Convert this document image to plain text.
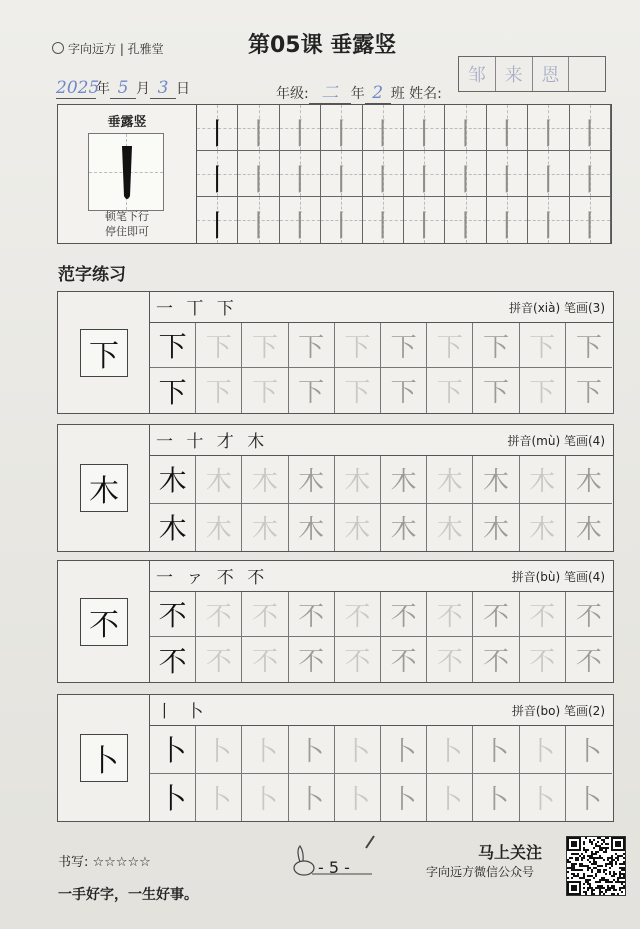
字向远方 | 孔雅堂	第05课 垂露竖
2025年 5 月 3 日	年级: 二 年 2 班 姓名:
邹	来	恩
垂露竖
顿笔下行
停住即可
丨 丨 丨 丨 丨 丨 丨 丨 丨 丨
丨 丨 丨 丨 丨 丨 丨 丨 丨 丨
丨 丨 丨 丨 丨 丨 丨 丨 丨 丨
范字练习
下
一 丅 下	拼音(xià) 笔画(3)
下 下 下 下 下 下 下 下 下 下
下 下 下 下 下 下 下 下 下 下
木
一 十 才 木	拼音(mù) 笔画(4)
木 木 木 木 木 木 木 木 木 木
木 木 木 木 木 木 木 木 木 木
不
一 ァ 不 不	拼音(bù) 笔画(4)
不 不 不 不 不 不 不 不 不 不
不 不 不 不 不 不 不 不 不 不
卜
丨 卜	拼音(bo) 笔画(2)
卜 卜 卜 卜 卜 卜 卜 卜 卜 卜
卜 卜 卜 卜 卜 卜 卜 卜 卜 卜
书写: ☆☆☆☆☆	- 5 -
一手好字，一生好事。
马上关注
字向远方微信公众号
